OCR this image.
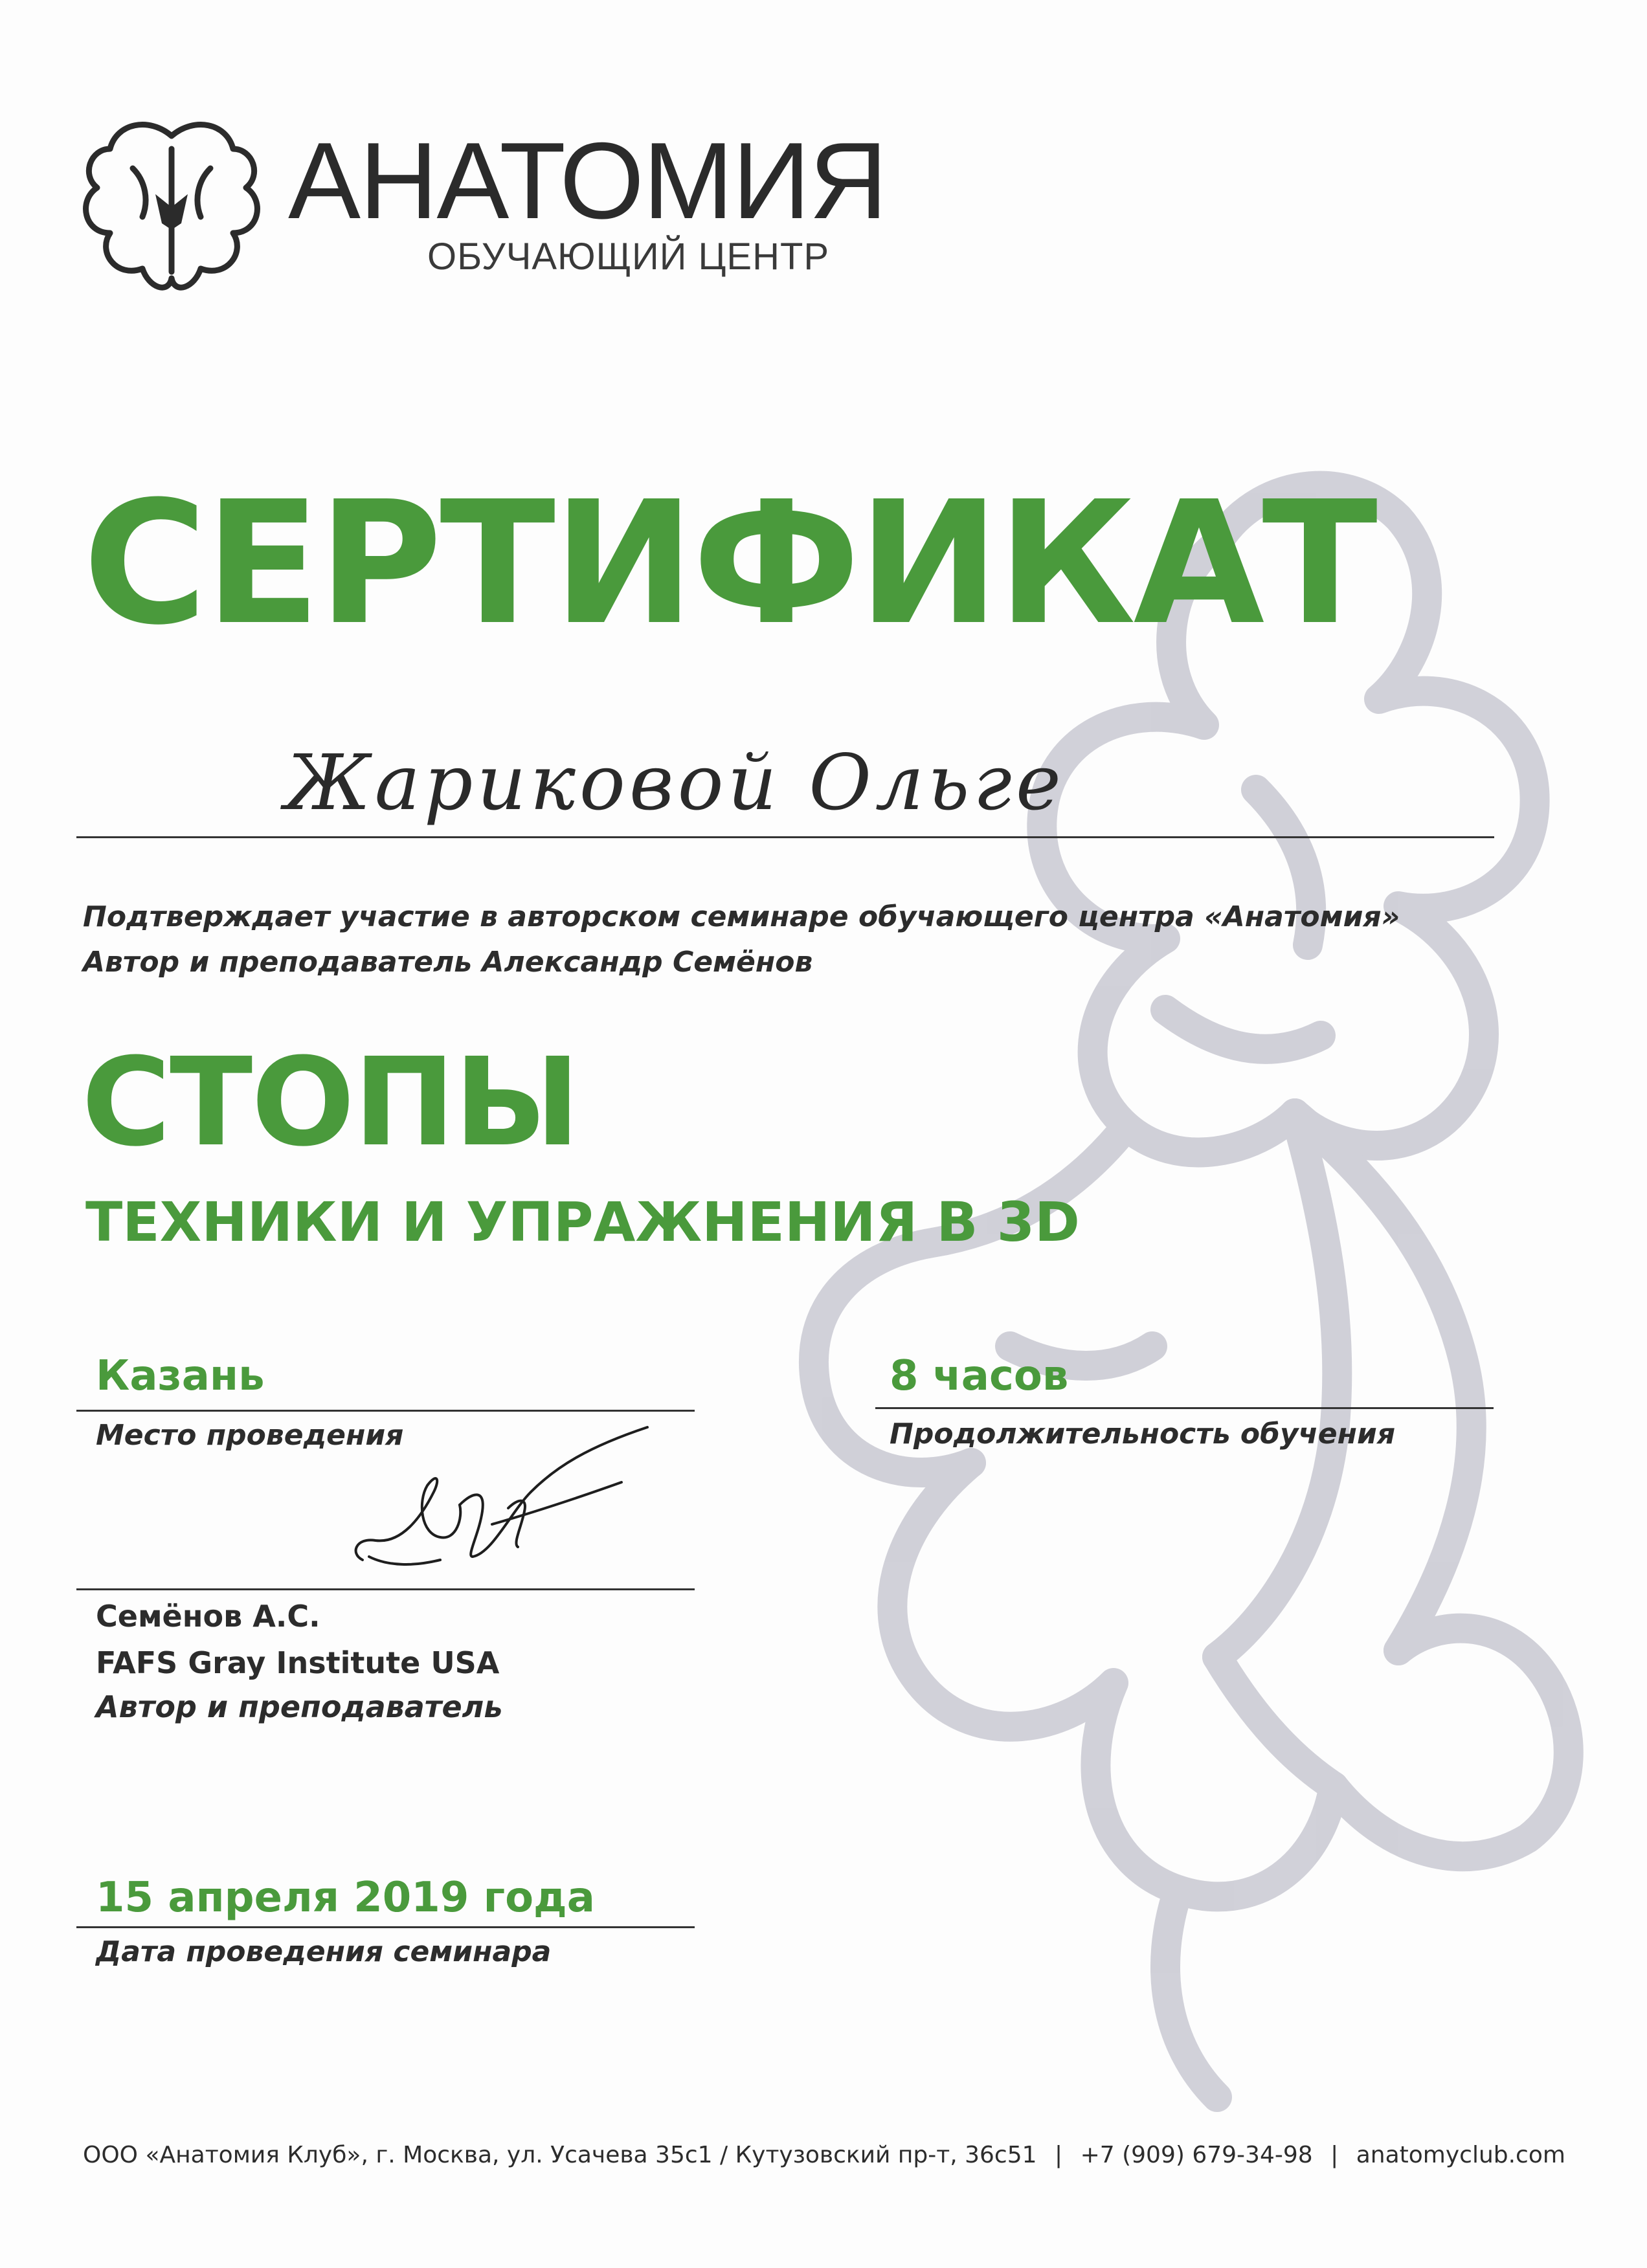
АНАТОМИЯ
ОБУЧАЮЩИЙ ЦЕНТР
СЕРТИФИКАТ
Жариковой Ольге
Подтверждает участие в авторском семинаре обучающего центра «Анатомия»
Автор и преподаватель Александр Семёнов
СТОПЫ
ТЕХНИКИ И УПРАЖНЕНИЯ В 3D
Казань
Место проведения
8 часов
Продолжительность обучения
Семёнов А.С.
FAFS Gray Institute USA
Автор и преподаватель
15 апреля 2019 года
Дата проведения семинара
ООО «Анатомия Клуб», г. Москва, ул. Усачева 35с1 / Кутузовский пр-т, 36с51 | +7 (909) 679-34-98 | anatomyclub.com
